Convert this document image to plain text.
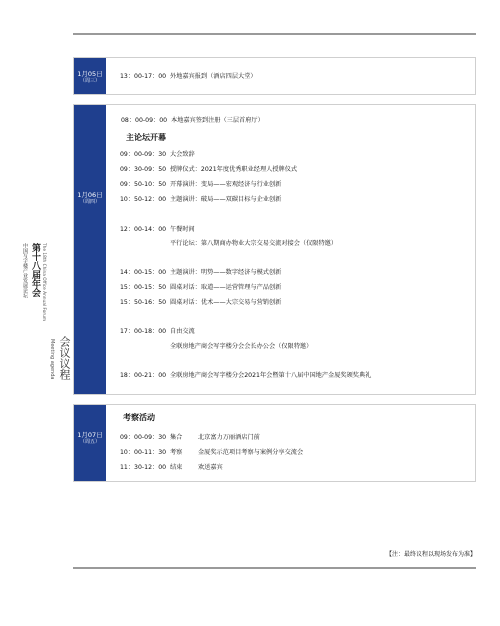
中国写字楼产业发展论坛 第十八届年会 The 18th China Office Annual Forum
Meeting agenda 会议议程
1月05日
（周三）
13：00-17：00 外地嘉宾报到（酒店四层大堂）
1月06日
（周四）
08：00-09：00 本地嘉宾签到注册（三层首府厅）
主论坛开幕
09：00-09：30 大会致辞
09：30-09：50 授牌仪式：2021年度优秀职业经理人授牌仪式
09：50-10：50 开幕演讲：变局——宏观经济与行业创新
10：50-12：00 主题演讲：破局——双碳目标与企业创新
12：00-14：00 午餐时间
平行论坛：第八期商办物业大宗交易交流对接会（仅限特邀）
14：00-15：00 主题演讲：明势——数字经济与模式创新
15：00-15：50 圆桌对话：取道——运营管理与产品创新
15：50-16：50 圆桌对话：优术——大宗交易与营销创新
17：00-18：00 自由交流
全联房地产商会写字楼分会会长办公会（仅限特邀）
18：00-21：00 全联房地产商会写字楼分会2021年会暨第十八届中国地产金厦奖颁奖典礼
1月07日
（周五）
考察活动
09：00-09：30 集合	北京富力万丽酒店门前
10：00-11：30 考察	金厦奖示范项目考察与案例分享交流会
11：30-12：00 结束	欢送嘉宾
【注：最终议程以现场发布为准】
